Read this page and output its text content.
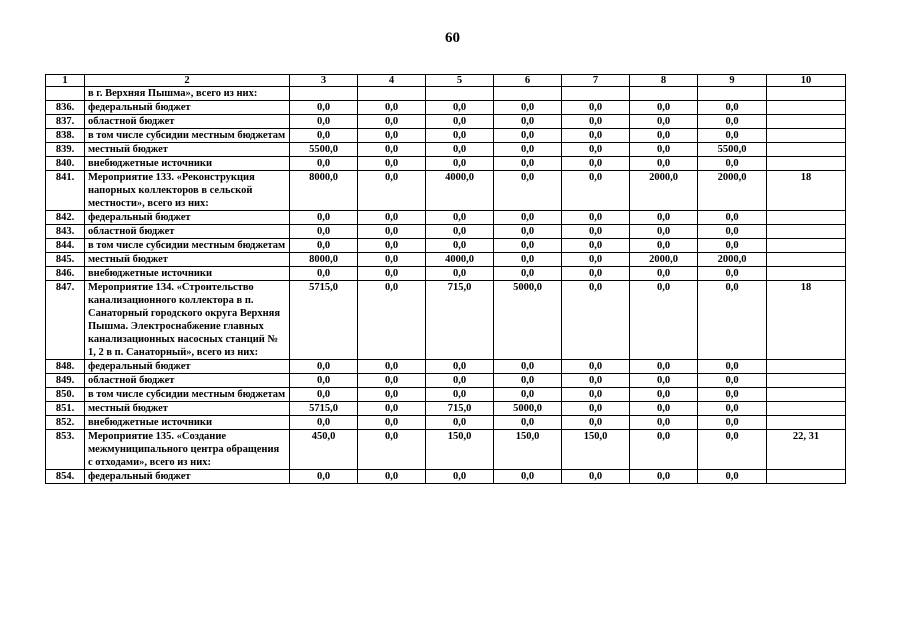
60
1	2	3	4	5	6	7	8	9	10
	в г. Верхняя Пышма», всего из них:								
836.	федеральный бюджет	0,0	0,0	0,0	0,0	0,0	0,0	0,0	
837.	областной бюджет	0,0	0,0	0,0	0,0	0,0	0,0	0,0	
838.	в том числе субсидии местным бюджетам	0,0	0,0	0,0	0,0	0,0	0,0	0,0	
839.	местный бюджет	5500,0	0,0	0,0	0,0	0,0	0,0	5500,0	
840.	внебюджетные источники	0,0	0,0	0,0	0,0	0,0	0,0	0,0	
841.	Мероприятие 133. «Реконструкция напорных коллекторов в сельской местности», всего из них:	8000,0	0,0	4000,0	0,0	0,0	2000,0	2000,0	18
842.	федеральный бюджет	0,0	0,0	0,0	0,0	0,0	0,0	0,0	
843.	областной бюджет	0,0	0,0	0,0	0,0	0,0	0,0	0,0	
844.	в том числе субсидии местным бюджетам	0,0	0,0	0,0	0,0	0,0	0,0	0,0	
845.	местный бюджет	8000,0	0,0	4000,0	0,0	0,0	2000,0	2000,0	
846.	внебюджетные источники	0,0	0,0	0,0	0,0	0,0	0,0	0,0	
847.	Мероприятие 134. «Строительство канализационного коллектора в п. Санаторный городского округа Верхняя Пышма. Электроснабжение главных канализационных насосных станций № 1, 2 в п. Санаторный», всего из них:	5715,0	0,0	715,0	5000,0	0,0	0,0	0,0	18
848.	федеральный бюджет	0,0	0,0	0,0	0,0	0,0	0,0	0,0	
849.	областной бюджет	0,0	0,0	0,0	0,0	0,0	0,0	0,0	
850.	в том числе субсидии местным бюджетам	0,0	0,0	0,0	0,0	0,0	0,0	0,0	
851.	местный бюджет	5715,0	0,0	715,0	5000,0	0,0	0,0	0,0	
852.	внебюджетные источники	0,0	0,0	0,0	0,0	0,0	0,0	0,0	
853.	Мероприятие 135. «Создание межмуниципального центра обращения с отходами», всего из них:	450,0	0,0	150,0	150,0	150,0	0,0	0,0	22, 31
854.	федеральный бюджет	0,0	0,0	0,0	0,0	0,0	0,0	0,0	
